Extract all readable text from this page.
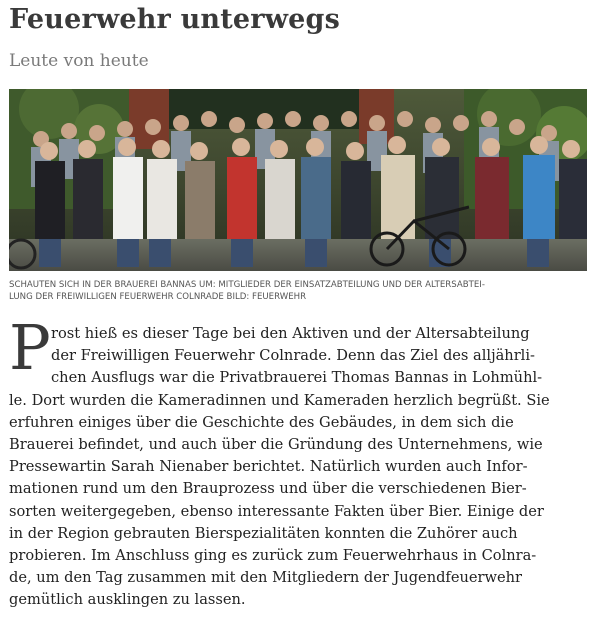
Feuerwehr unterwegs
Leute von heute

SCHAUTEN SICH IN DER BRAUEREI BANNAS UM: MITGLIEDER DER EINSATZABTEILUNG UND DER ALTERSABTEI-
LUNG DER FREIWILLIGEN FEUERWEHR COLNRADE BILD: FEUERWEHR

P rost hieß es dieser Tage bei den Aktiven und der Altersabteilung
der Freiwilligen Feuerwehr Colnrade. Denn das Ziel des alljährli-
chen Ausflugs war die Privatbrauerei Thomas Bannas in Lohmühl-
le. Dort wurden die Kameradinnen und Kameraden herzlich begrüßt. Sie
erfuhren einiges über die Geschichte des Gebäudes, in dem sich die
Brauerei befindet, und auch über die Gründung des Unternehmens, wie
Pressewartin Sarah Nienaber berichtet. Natürlich wurden auch Infor-
mationen rund um den Brauprozess und über die verschiedenen Bier-
sorten weitergegeben, ebenso interessante Fakten über Bier. Einige der
in der Region gebrauten Bierspezialitäten konnten die Zuhörer auch
probieren. Im Anschluss ging es zurück zum Feuerwehrhaus in Colnra-
de, um den Tag zusammen mit den Mitgliedern der Jugendfeuerwehr
gemütlich ausklingen zu lassen.
